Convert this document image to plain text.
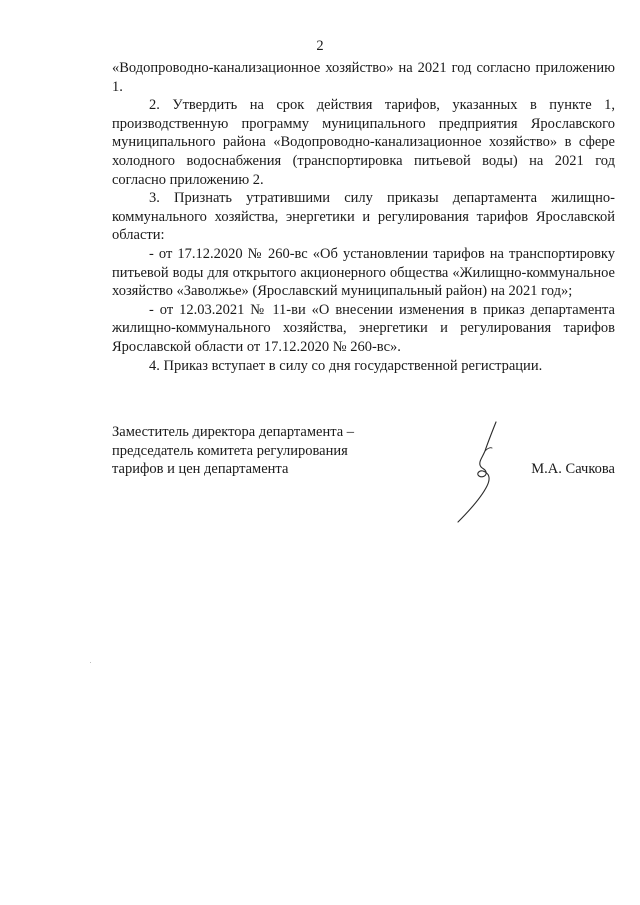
2

«Водопроводно-канализационное хозяйство» на 2021 год согласно приложению 1.

2. Утвердить на срок действия тарифов, указанных в пункте 1, производственную программу муниципального предприятия Ярославского муниципального района «Водопроводно-канализационное хозяйство» в сфере холодного водоснабжения (транспортировка питьевой воды) на 2021 год согласно приложению 2.

3. Признать утратившими силу приказы департамента жилищно-коммунального хозяйства, энергетики и регулирования тарифов Ярославской области:

- от 17.12.2020 № 260-вс «Об установлении тарифов на транспортировку питьевой воды для открытого акционерного общества «Жилищно-коммунальное хозяйство «Заволжье» (Ярославский муниципальный район) на 2021 год»;

- от 12.03.2021 № 11-ви «О внесении изменения в приказ департамента жилищно-коммунального хозяйства, энергетики и регулирования тарифов Ярославской области от 17.12.2020 № 260-вс».

4. Приказ вступает в силу со дня государственной регистрации.

Заместитель директора департамента –
председатель комитета регулирования
тарифов и цен департамента	М.А. Сачкова
